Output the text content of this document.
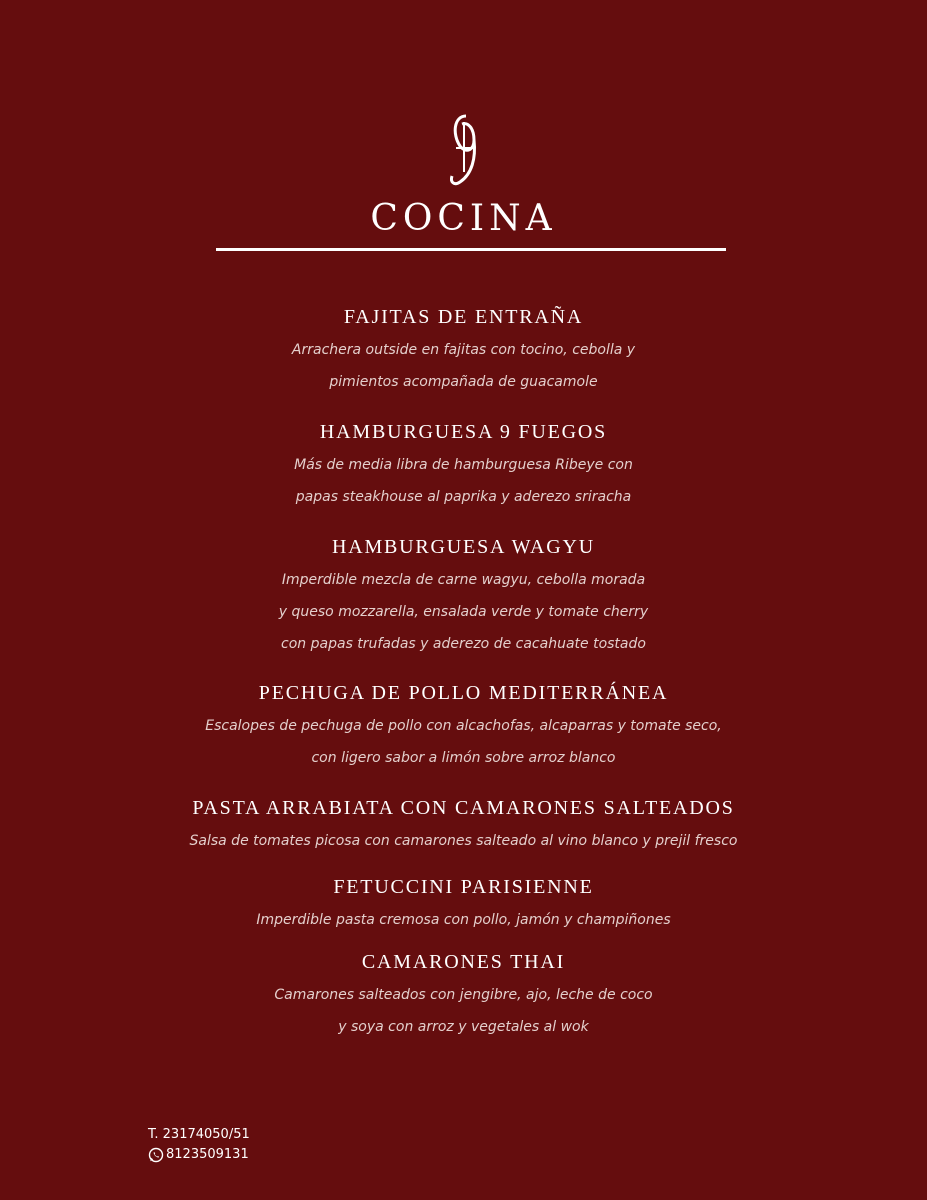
COCINA
FAJITAS DE ENTRAÑA
Arrachera outside en fajitas con tocino, cebolla y
pimientos acompañada de guacamole
HAMBURGUESA 9 FUEGOS
Más de media libra de hamburguesa Ribeye con
papas steakhouse al paprika y aderezo sriracha
HAMBURGUESA WAGYU
Imperdible mezcla de carne wagyu, cebolla morada
y queso mozzarella, ensalada verde y tomate cherry
con papas trufadas y aderezo de cacahuate tostado
PECHUGA DE POLLO MEDITERRÁNEA
Escalopes de pechuga de pollo con alcachofas, alcaparras y tomate seco,
con ligero sabor a limón sobre arroz blanco
PASTA ARRABIATA CON CAMARONES SALTEADOS
Salsa de tomates picosa con camarones salteado al vino blanco y prejil fresco
FETUCCINI PARISIENNE
Imperdible pasta cremosa con pollo, jamón y champiñones
CAMARONES THAI
Camarones salteados con jengibre, ajo, leche de coco
y soya con arroz y vegetales al wok
T. 23174050/51
8123509131
